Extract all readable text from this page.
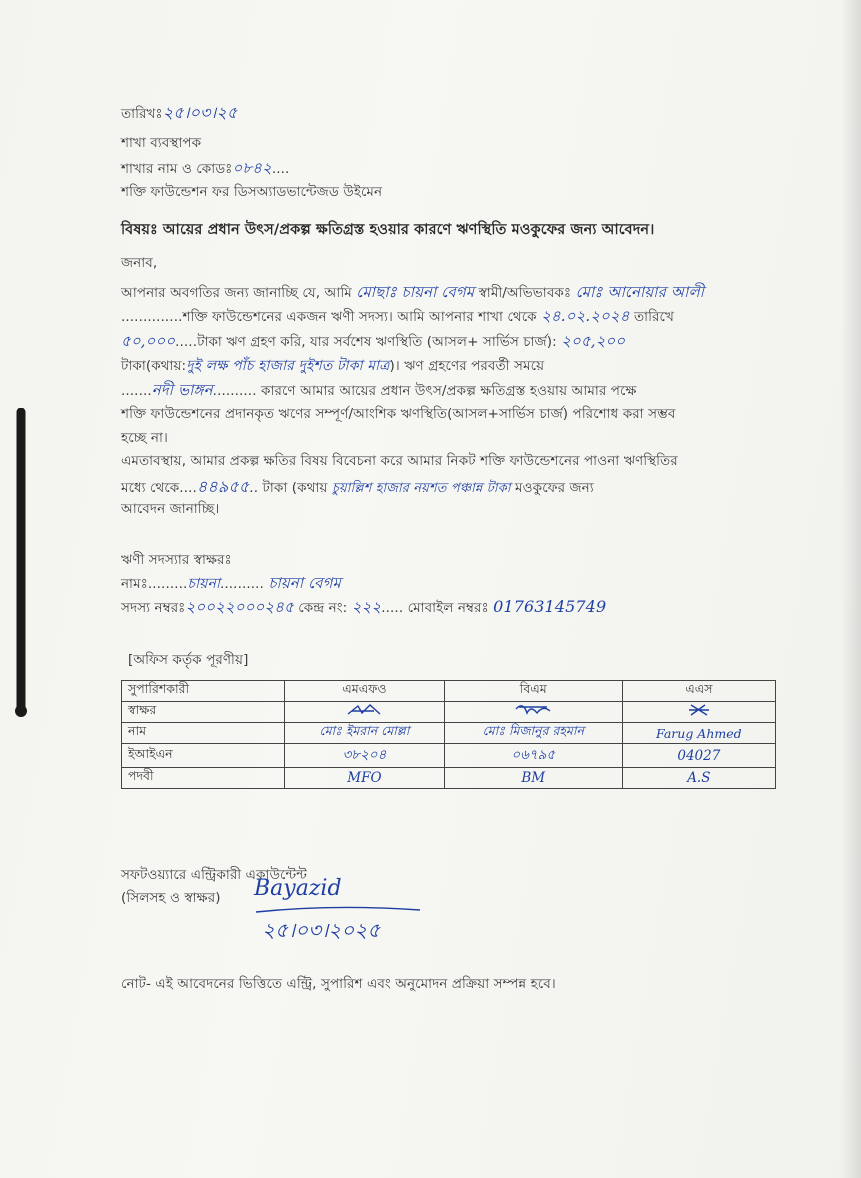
তারিখঃ২৫।০৩।২৫
শাখা ব্যবস্থাপক
শাখার নাম ও কোডঃ০৮৪২....
শক্তি ফাউন্ডেশন ফর ডিসঅ্যাডভান্টেজড উইমেন
বিষয়ঃ আয়ের প্রধান উৎস/প্রকল্প ক্ষতিগ্রস্ত হওয়ার কারণে ঋণস্থিতি মওকুফের জন্য আবেদন।
জনাব,
আপনার অবগতির জন্য জানাচ্ছি যে, আমি মোছাঃ চায়না বেগম স্বামী/অভিভাবকঃ মোঃ আনোয়ার আলী
..............শক্তি ফাউন্ডেশনের একজন ঋণী সদস্য। আমি আপনার শাখা থেকে ২৪.০২.২০২৪ তারিখে
৫০,০০০.....টাকা ঋণ গ্রহণ করি, যার সর্বশেষ ঋণস্থিতি (আসল+ সার্ভিস চার্জ): ২০৫,২০০
টাকা(কথায়:দুই লক্ষ পাঁচ হাজার দুইশত টাকা মাত্র)। ঋণ গ্রহণের পরবর্তী সময়ে
.......নদী ভাঙ্গন.......... কারণে আমার আয়ের প্রধান উৎস/প্রকল্প ক্ষতিগ্রস্ত হওয়ায় আমার পক্ষে
শক্তি ফাউন্ডেশনের প্রদানকৃত ঋণের সম্পূর্ণ/আংশিক ঋণস্থিতি(আসল+সার্ভিস চার্জ) পরিশোধ করা সম্ভব
হচ্ছে না।
এমতাবস্থায়, আমার প্রকল্প ক্ষতির বিষয় বিবেচনা করে আমার নিকট শক্তি ফাউন্ডেশনের পাওনা ঋণস্থিতির
মধ্যে থেকে....৪৪৯৫৫.. টাকা (কথায় চুয়াল্লিশ হাজার নয়শত পঞ্চান্ন টাকা মওকুফের জন্য
আবেদন জানাচ্ছি।
ঋণী সদস্যার স্বাক্ষরঃ
নামঃ.........চায়না.......... চায়না বেগম
সদস্য নম্বরঃ২০০২২০০০২৪৫ কেন্দ্র নং: ২২২..... মোবাইল নম্বরঃ 01763145749
[অফিস কর্তৃক পূরণীয়]
সুপারিশকারী	এমএফও	বিএম	এএস
স্বাক্ষর			
নাম	মোঃ ইমরান মোল্লা	মোঃ মিজানুর রহমান	Farug Ahmed
ইআইএন	৩৮২০৪	০৬৭৯৫	04027
পদবী	MFO	BM	A.S
সফটওয়্যারে এন্ট্রিকারী একাউন্টেন্ট
(সিলসহ ও স্বাক্ষর) Bayazid
২৫।০৩।২০২৫
নোট- এই আবেদনের ভিত্তিতে এন্ট্রি, সুপারিশ এবং অনুমোদন প্রক্রিয়া সম্পন্ন হবে।
